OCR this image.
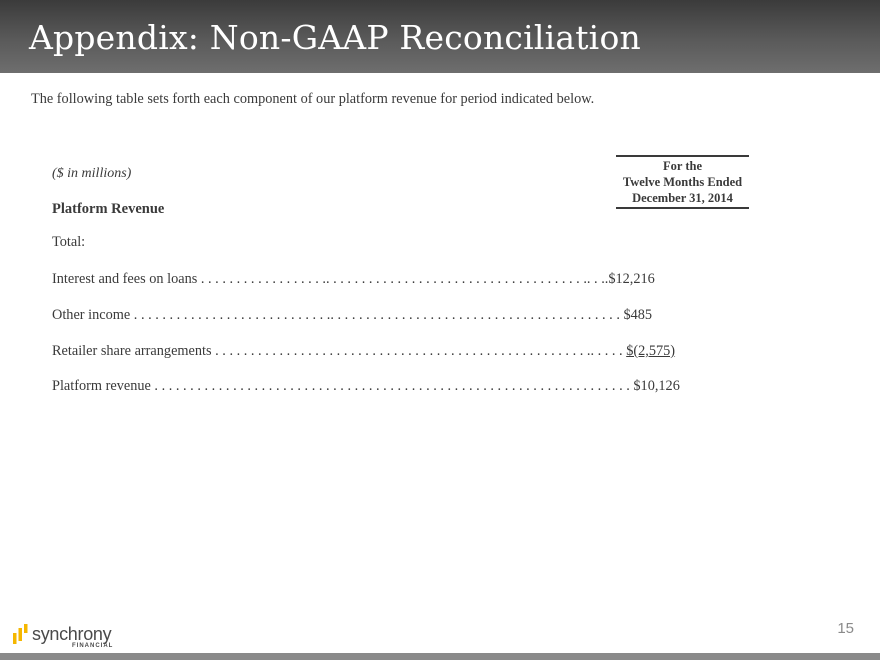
Appendix: Non-GAAP Reconciliation
The following table sets forth each component of our platform revenue for period indicated below.
($ in millions)
Platform Revenue
For the
Twelve Months Ended
December 31, 2014
Total:
Interest and fees on loans . . . . . . . . . . . . . . . . . .. . . . . . . . . . . . . . . . . . . . . . . . . . . . . . . . . . . . .. . ..$12,216
Other income . . . . . . . . . . . . . . . . . . . . . . . . . . . .. . . . . . . . . . . . . . . . . . . . . . . . . . . . . . . . . . . . . . . . . $485
Retailer share arrangements . . . . . . . . . . . . . . . . . . . . . . . . . . . . . . . . . . . . . . . . . . . . . . . . . . . . .. . . . . $(2,575)
Platform revenue . . . . . . . . . . . . . . . . . . . . . . . . . . . . . . . . . . . . . . . . . . . . . . . . . . . . . . . . . . . . . . . . . . . $10,126
synchrony
FINANCIAL
15
